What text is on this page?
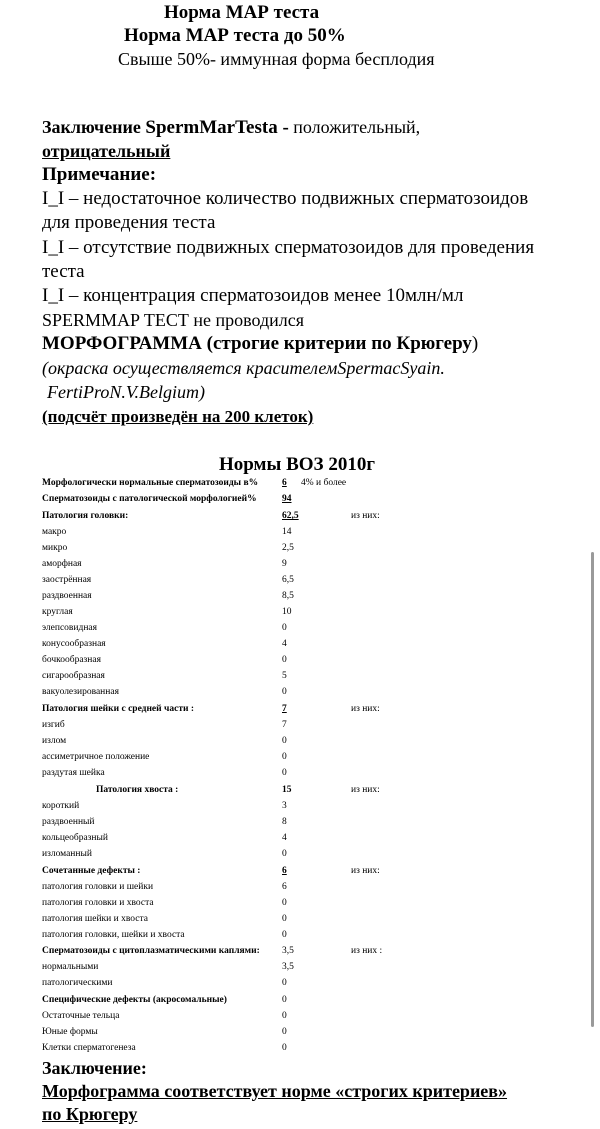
Норма МАР теста
Норма МАР теста до 50%
Свыше 50%- иммунная форма бесплодия
Заключение SpermMarTesta - положительный,
отрицательный
Примечание:
I_I – недостаточное количество подвижных сперматозоидов
для проведения теста
I_I – отсутствие подвижных сперматозоидов для проведения
теста
I_I – концентрация сперматозоидов менее 10млн/мл
SPERMMAP ТЕСТ не проводился
МОРФОГРАММА (строгие критерии по Крюгеру)
(окраска осуществляется красителемSpermacSyain.
FertiProN.V.Belgium)
(подсчёт произведён на 200 клеток)
Нормы ВОЗ 2010г
Морфологически нормальные сперматозоиды в%	6 4% и более
Сперматозоиды с патологической морфологией%	94
Патология головки:	62,5	из них:
макро	14
микро	2,5
аморфная	9
заострённая	6,5
раздвоенная	8,5
круглая	10
элепсовидная	0
конусообразная	4
бочкообразная	0
сигарообразная	5
вакуолезированная	0
Патология шейки с средней части :	7	из них:
изгиб	7
излом	0
ассиметричное положение	0
раздутая шейка	0
Патология хвоста :	15	из них:
короткий	3
раздвоенный	8
кольцеобразный	4
изломанный	0
Сочетанные дефекты :	6	из них:
патология головки и шейки	6
патология головки и хвоста	0
патология шейки и хвоста	0
патология головки, шейки и хвоста	0
Сперматозоиды с цитоплазматическими каплями: 3,5	из них :
нормальными	3,5
патологическими	0
Специфические дефекты (акросомальные)	0
Остаточные тельца	0
Юные формы	0
Клетки сперматогенеза	0
Заключение:
Морфограмма соответствует норме «строгих критериев»
по Крюгеру
